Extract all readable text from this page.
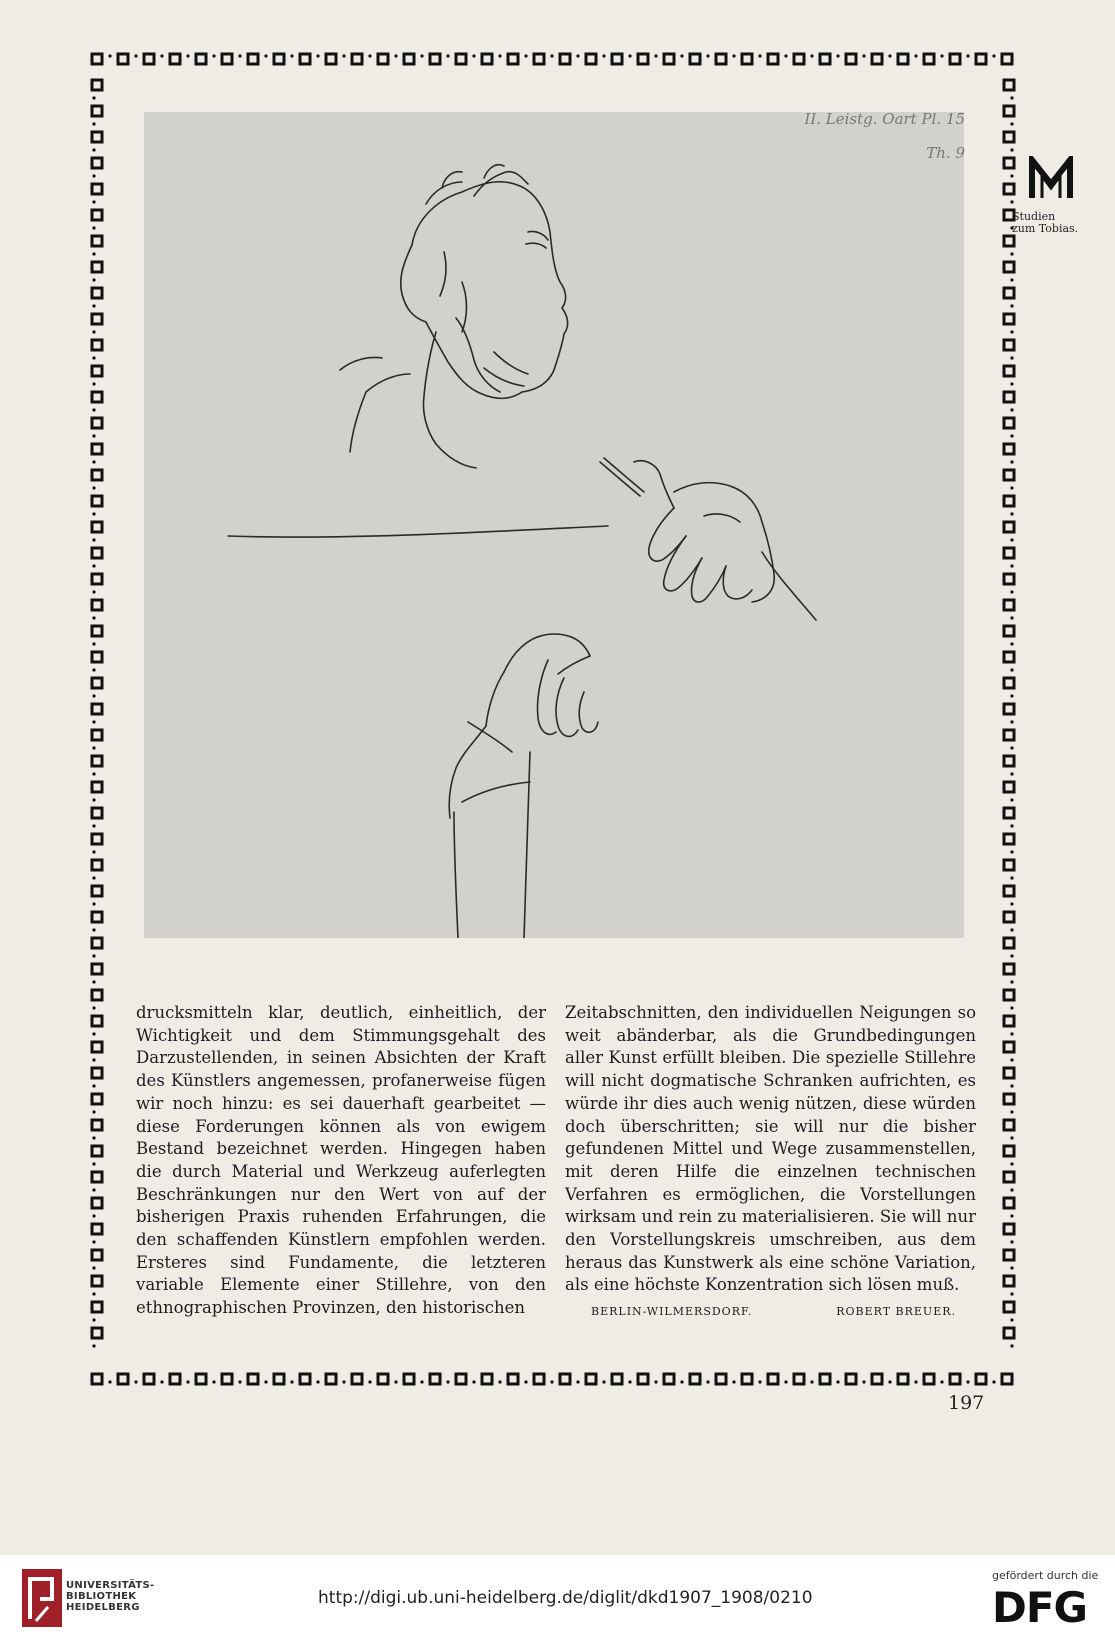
II. Leistg. Oart Pl. 15
Th. 9
Studien
zum Tobias.

drucksmitteln klar, deutlich, einheitlich, der Wichtigkeit und dem Stimmungsgehalt des Darzustellenden, in seinen Absichten der Kraft des Künstlers angemessen, profanerweise fügen wir noch hinzu: es sei dauerhaft gearbeitet — diese Forderungen können als von ewigem Bestand bezeichnet werden. Hingegen haben die durch Material und Werkzeug auferlegten Beschränkungen nur den Wert von auf der bisherigen Praxis ruhenden Erfahrungen, die den schaffenden Künstlern empfohlen werden. Ersteres sind Fundamente, die letzteren variable Elemente einer Stillehre, von den ethnographischen Provinzen, den historischen

Zeitabschnitten, den individuellen Neigungen so weit abänderbar, als die Grundbedingungen aller Kunst erfüllt bleiben. Die spezielle Stillehre will nicht dogmatische Schranken aufrichten, es würde ihr dies auch wenig nützen, diese würden doch überschritten; sie will nur die bisher gefundenen Mittel und Wege zusammenstellen, mit deren Hilfe die einzelnen technischen Verfahren es ermöglichen, die Vorstellungen wirksam und rein zu materialisieren. Sie will nur den Vorstellungskreis umschreiben, aus dem heraus das Kunstwerk als eine schöne Variation, als eine höchste Konzentration sich lösen muß.

BERLIN-WILMERSDORF.	ROBERT BREUER.
197
UNIVERSITÄTS-
BIBLIOTHEK
HEIDELBERG	http://digi.ub.uni-heidelberg.de/diglit/dkd1907_1908/0210
gefördert durch die
DFG
